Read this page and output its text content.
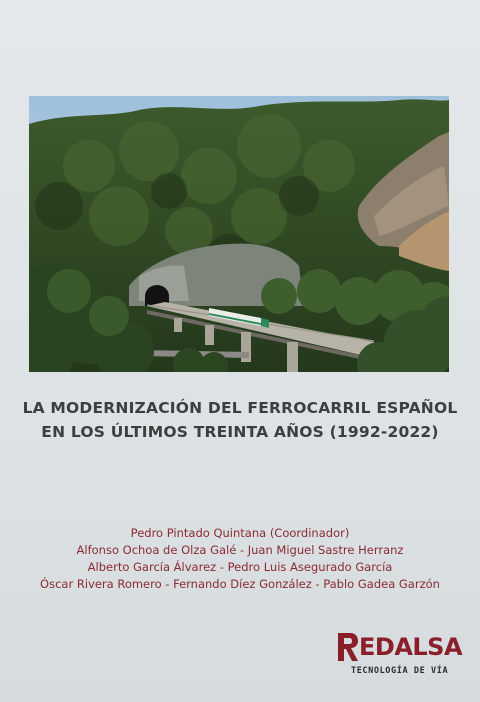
LA MODERNIZACIÓN DEL FERROCARRIL ESPAÑOL
EN LOS ÚLTIMOS TREINTA AÑOS (1992-2022)
Pedro Pintado Quintana (Coordinador)
Alfonso Ochoa de Olza Galé - Juan Miguel Sastre Herranz
Alberto García Álvarez - Pedro Luis Asegurado García
Óscar Rivera Romero - Fernando Díez González - Pablo Gadea Garzón
EDALSA
TECNOLOGÍA DE VÍA
